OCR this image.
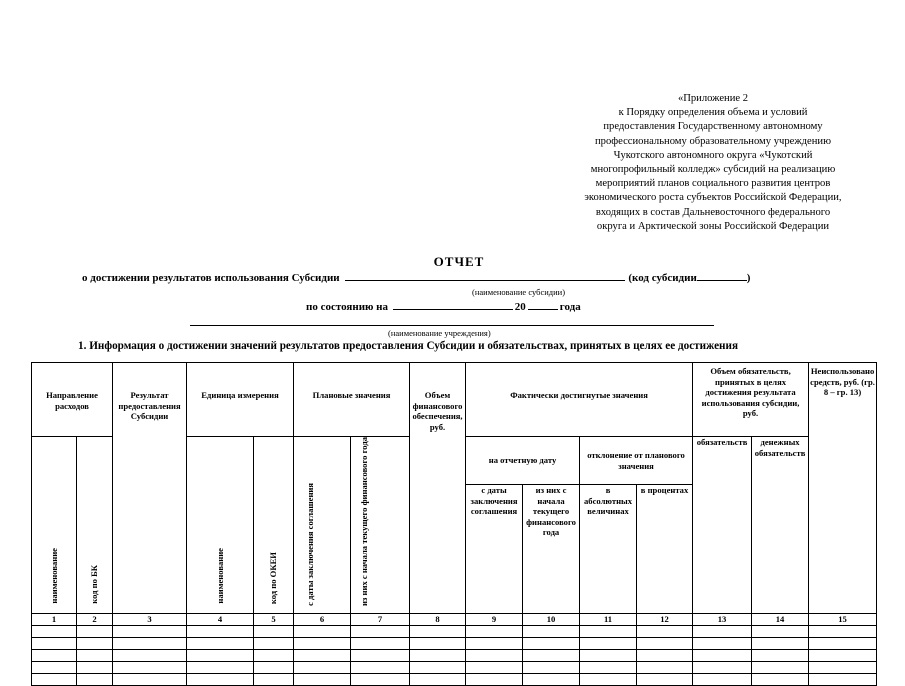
«Приложение 2
к Порядку определения объема и условий
предоставления Государственному автономному
профессиональному образовательному учреждению
Чукотского автономного округа «Чукотский
многопрофильный колледж» субсидий на реализацию
мероприятий планов социального развития центров
экономического роста субъектов Российской Федерации,
входящих в состав Дальневосточного федерального
округа и Арктической зоны Российской Федерации
ОТЧЕТ
о достижении результатов использования Субсидии	(код субсидии	)
(наименование субсидии)
по состоянию на	20	года
(наименование учреждения)
1. Информация о достижении значений результатов предоставления Субсидии и обязательствах, принятых в целях ее достижения
Направление расходов		Результат предоставления Субсидии	Единица измерения		Плановые значения		Объем финансового обеспечения, руб.	Фактически достигнутые значения				Объем обязательств, принятых в целях достижения результата использования субсидии, руб.		Неиспользовано средств, руб. (гр. 8 – гр. 13)
наименование	код по БК		наименование	код по ОКЕИ	с даты заключения соглашения	из них с начала текущего финансового года		на отчетную дату		отклонение от планового значения		обязательств	денежных обязательств	
								с даты заключения соглашения	из них с начала текущего финансового года	в абсолютных величинах	в процентах			
1	2	3	4	5	6	7	8	9	10	11	12	13	14	15
